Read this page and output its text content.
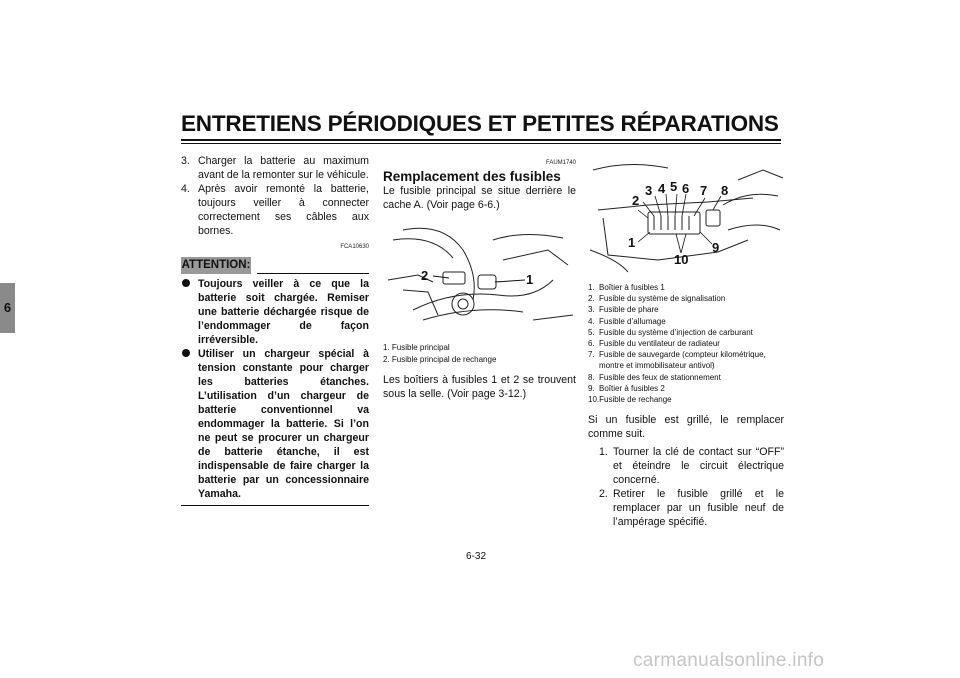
ENTRETIENS PÉRIODIQUES ET PETITES RÉPARATIONS
6
3. Charger la batterie au maximum avant de la remonter sur le véhicule.
4. Après avoir remonté la batterie, toujours veiller à connecter correctement ses câbles aux bornes.
FCA10630
ATTENTION:
Toujours veiller à ce que la batterie soit chargée. Remiser une batterie déchargée risque de l’endommager de façon irréversible.
Utiliser un chargeur spécial à tension constante pour charger les batteries étanches. L’utilisation d’un chargeur de batterie conventionnel va endommager la batterie. Si l’on ne peut se procurer un chargeur de batterie étanche, il est indispensable de faire charger la batterie par un concessionnaire Yamaha.
FAUM1740
Remplacement des fusibles
Le fusible principal se situe derrière le cache A. (Voir page 6-6.)
2	1
1. Fusible principal
2. Fusible principal de rechange
Les boîtiers à fusibles 1 et 2 se trouvent sous la selle. (Voir page 3-12.)
1
2
3 4 5 6 7 8
9
10
1. Boîtier à fusibles 1
2. Fusible du système de signalisation
3. Fusible de phare
4. Fusible d’allumage
5. Fusible du système d’injection de carburant
6. Fusible du ventilateur de radiateur
7. Fusible de sauvegarde (compteur kilométrique, montre et immobilisateur antivol)
8. Fusible des feux de stationnement
9. Boîtier à fusibles 2
10.Fusible de rechange
Si un fusible est grillé, le remplacer comme suit.
1. Tourner la clé de contact sur “OFF” et éteindre le circuit électrique concerné.
2. Retirer le fusible grillé et le remplacer par un fusible neuf de l’ampérage spécifié.
6-32
carmanualsonline.info
